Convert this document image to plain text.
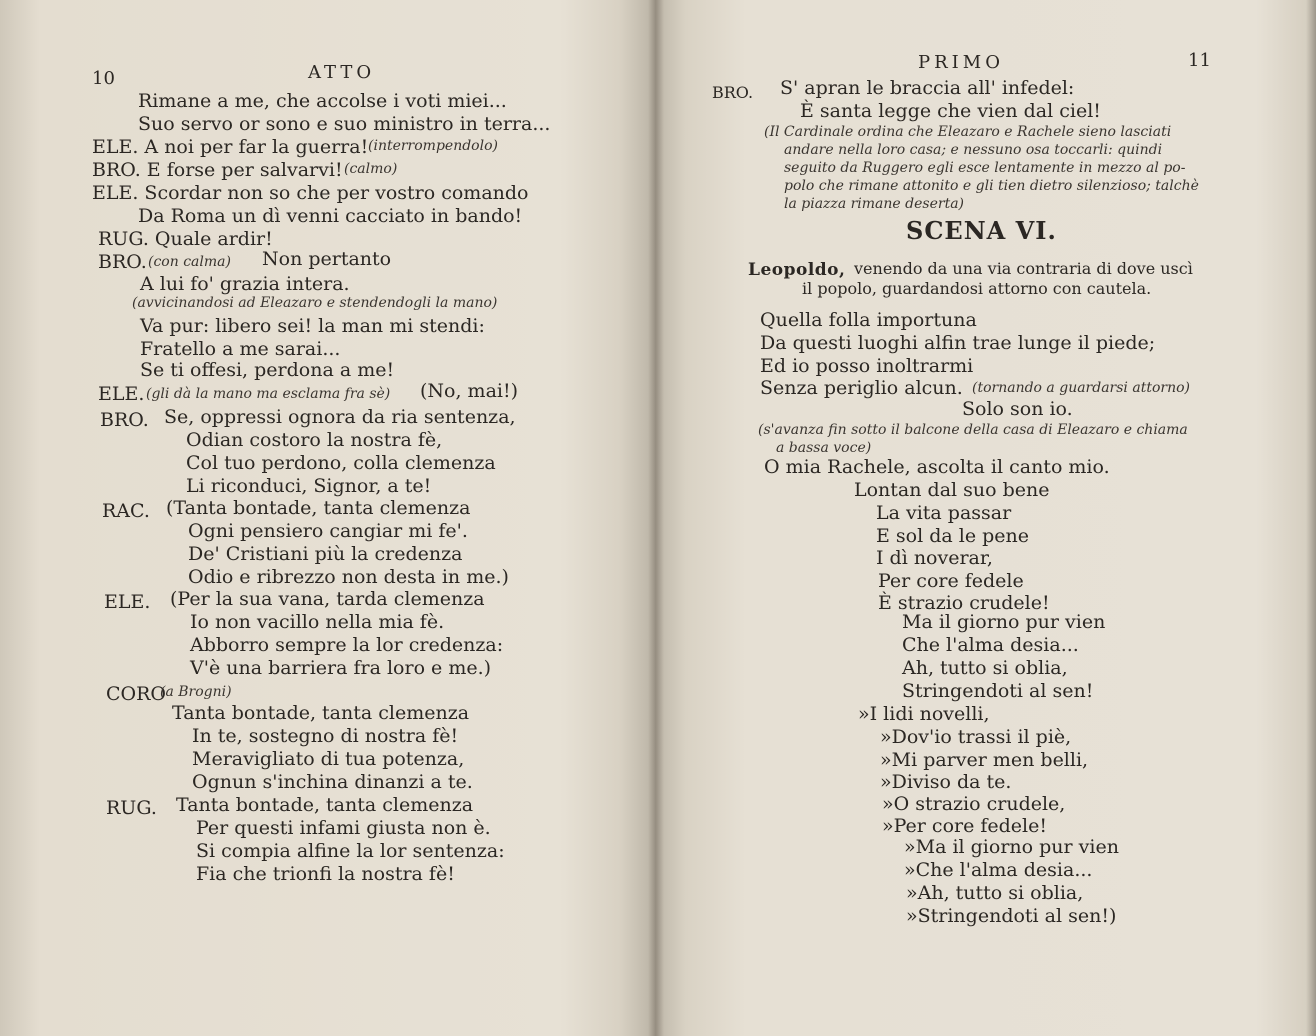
10	ATTO
Rimane a me, che accolse i voti miei...
Suo servo or sono e suo ministro in terra...
ELE. A noi per far la guerra! (interrompendolo)
BRO. E forse per salvarvi! (calmo)
ELE. Scordar non so che per vostro comando
Da Roma un dì venni cacciato in bando!
RUG. Quale ardir!
BRO. (con calma) Non pertanto
A lui fo' grazia intera.
(avvicinandosi ad Eleazaro e stendendogli la mano)
Va pur: libero sei! la man mi stendi:
Fratello a me sarai...
Se ti offesi, perdona a me!
ELE. (gli dà la mano ma esclama fra sè) (No, mai!)
BRO. Se, oppressi ognora da ria sentenza,
Odian costoro la nostra fè,
Col tuo perdono, colla clemenza
Li riconduci, Signor, a te!
RAC. (Tanta bontade, tanta clemenza
Ogni pensiero cangiar mi fe'.
De' Cristiani più la credenza
Odio e ribrezzo non desta in me.)
ELE. (Per la sua vana, tarda clemenza
Io non vacillo nella mia fè.
Abborro sempre la lor credenza:
V'è una barriera fra loro e me.)
CORO
(a Brogni)
Tanta bontade, tanta clemenza
In te, sostegno di nostra fè!
Meravigliato di tua potenza,
Ognun s'inchina dinanzi a te.
RUG. Tanta bontade, tanta clemenza
Per questi infami giusta non è.
Si compia alfine la lor sentenza:
Fia che trionfi la nostra fè!
PRIMO	11
BRO. S' apran le braccia all' infedel:
È santa legge che vien dal ciel!
(Il Cardinale ordina che Eleazaro e Rachele sieno lasciati
andare nella loro casa; e nessuno osa toccarli: quindi
seguito da Ruggero egli esce lentamente in mezzo al po-
polo che rimane attonito e gli tien dietro silenzioso; talchè
la piazza rimane deserta)
SCENA VI.
Leopoldo, venendo da una via contraria di dove uscì
il popolo, guardandosi attorno con cautela.
Quella folla importuna
Da questi luoghi alfin trae lunge il piede;
Ed io posso inoltrarmi
Senza periglio alcun. (tornando a guardarsi attorno)
Solo son io.
(s'avanza fin sotto il balcone della casa di Eleazaro e chiama
a bassa voce)
O mia Rachele, ascolta il canto mio.
Lontan dal suo bene
La vita passar
E sol da le pene
I dì noverar,
Per core fedele
È strazio crudele!
Ma il giorno pur vien
Che l'alma desia...
Ah, tutto si oblia,
Stringendoti al sen!
»I lidi novelli,
»Dov'io trassi il piè,
»Mi parver men belli,
»Diviso da te.
»O strazio crudele,
»Per core fedele!
»Ma il giorno pur vien
»Che l'alma desia...
»Ah, tutto si oblia,
»Stringendoti al sen!)
